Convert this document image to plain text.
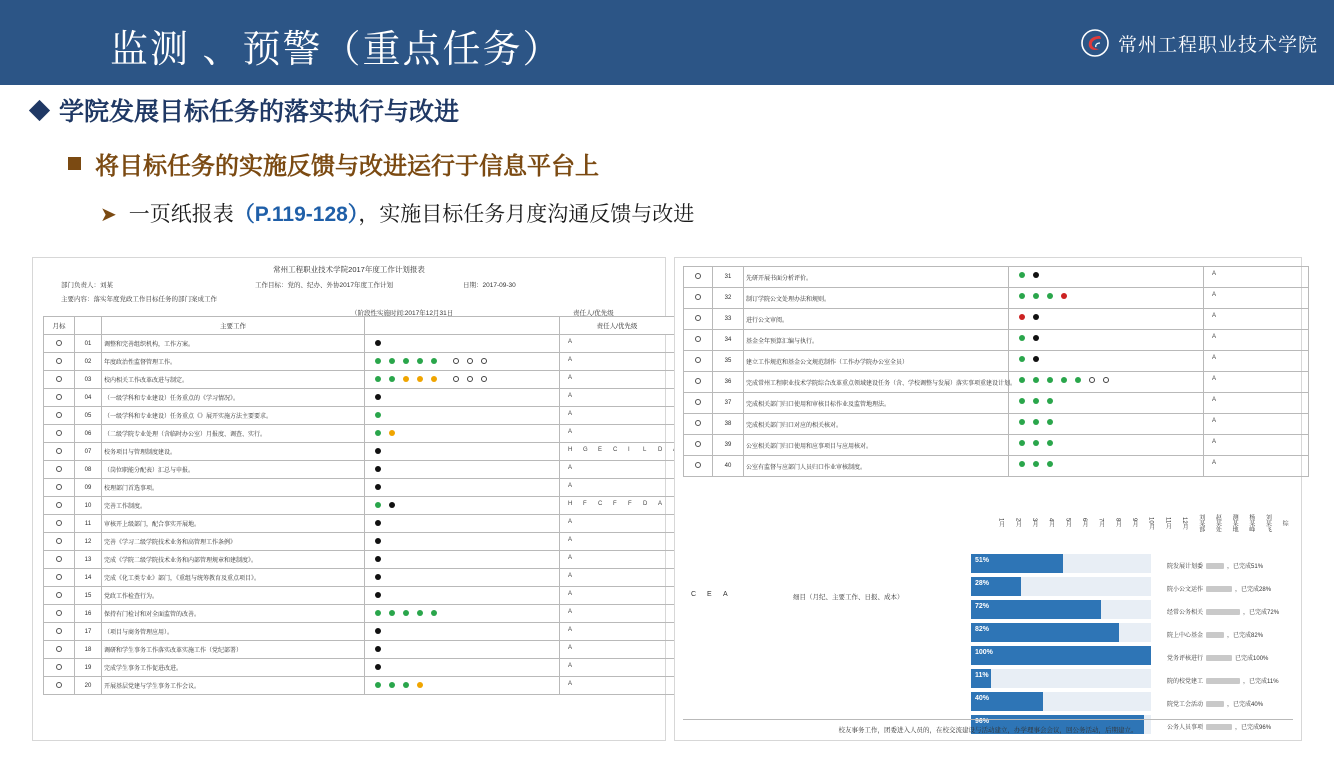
监测 、预警（重点任务）	常州工程职业技术学院
学院发展目标任务的落实执行与改进
将目标任务的实施反馈与改进运行于信息平台上
➤ 一页纸报表（P.119-128），实施目标任务月度沟通反馈与改进
常州工程职业技术学院2017年度工作计划报表
部门负责人：刘某	工作目标：党的、纪办、外协2017年度工作计划	日期：2017-09-30
主要内容：落实年度党政工作目标任务的部门案成工作
（阶段性实施时间:2017年12月31日	责任人/优先级
月标		主要工作		责任人/优先级
	01	调整和完善组织机构，工作方案。		A

	02	年度政治性监督管理工作。		A

	03	校内相关工作改革改进与制定。		A

	04	（一级学科和专业建设）任务重点的《学习情况》。		A

	05	（一级学科和专业建设）任务重点《》展开实施方法主要要求。		A

	06	（二级学院专业处理（含临时办公室）月报度、调查、实行。		A

	07	校务项目与管理制度建设。		H G E C I L D

	08	（岗位职能分配表）汇总与申报。		A

	09	校理部门首选事项。		A

	10	完善工作制度。		H F C F F D A

	11	审核开上级部门，配合事实开展地。		A

	12	完善《学习二级学院技术业务和高管理工作条例》		A

	13	完成《学院二级学院技术业务和内部管理规章和建制度》。		A

	14	完成《化工类专业》部门，《重组与统筹教育及重点项目》。		A

	15	党政工作检查行为。		A

	16	保持有门检讨和对全面监管的改善。		A

	17	（项目与商务管理应用）。		A

	18	调研和学生事务工作落实改革实施工作（党纪部署）		A

	19	完成学生事务工作促进改进。		A

	20	开展基层党建与学生事务工作会议。		A
	31	先研开展书面分析评价。		A

	32	制订学院公文处理办法和规则。		A

	33	进行公文审阅。		A

	34	基金全年预算汇编与执行。		A

	35	建立工作规范和基金公文规范制作（工作办学院办公室全员）		A

	36	完成常州工程职业技术学院综合改革重点领域建设任务（含、学校调整与发展）落实事项重建设计划。		A

	37	完成相关部门归口使用和审核目标作业及监管地理法。		A

	38	完成相关部门归口对应的相关核对。		A

	39	公室相关部门归口使用和应事项目与应用核对。		A

	40	公室有监督与应部门人员归口作业审核制度。		A
1月	2月	3月	4月	5月	6月	7月	8月	9月	10月	11月	12月	刘某部	赵某处	测某地	杨某峰	刘某飞	综
细目（月纪、主要工作、日报、成本）
51%
28%
72%
82%
100%
11%
40%
96%
院发展计划委	，已完成51%
院小公文运作	，已完成28%
经常公务相关	，已完成72%
院上中心基金	，已完成82%
党务评核进行	已完成100%
院的校党建工	，已完成11%
院党工会活动	，已完成40%
公务人员事项	，已完成96%
校友事务工作，团委进入人员的，在校交流建设与活动建立，办学理事会会议，回公务活动，后期建立。
C E A
